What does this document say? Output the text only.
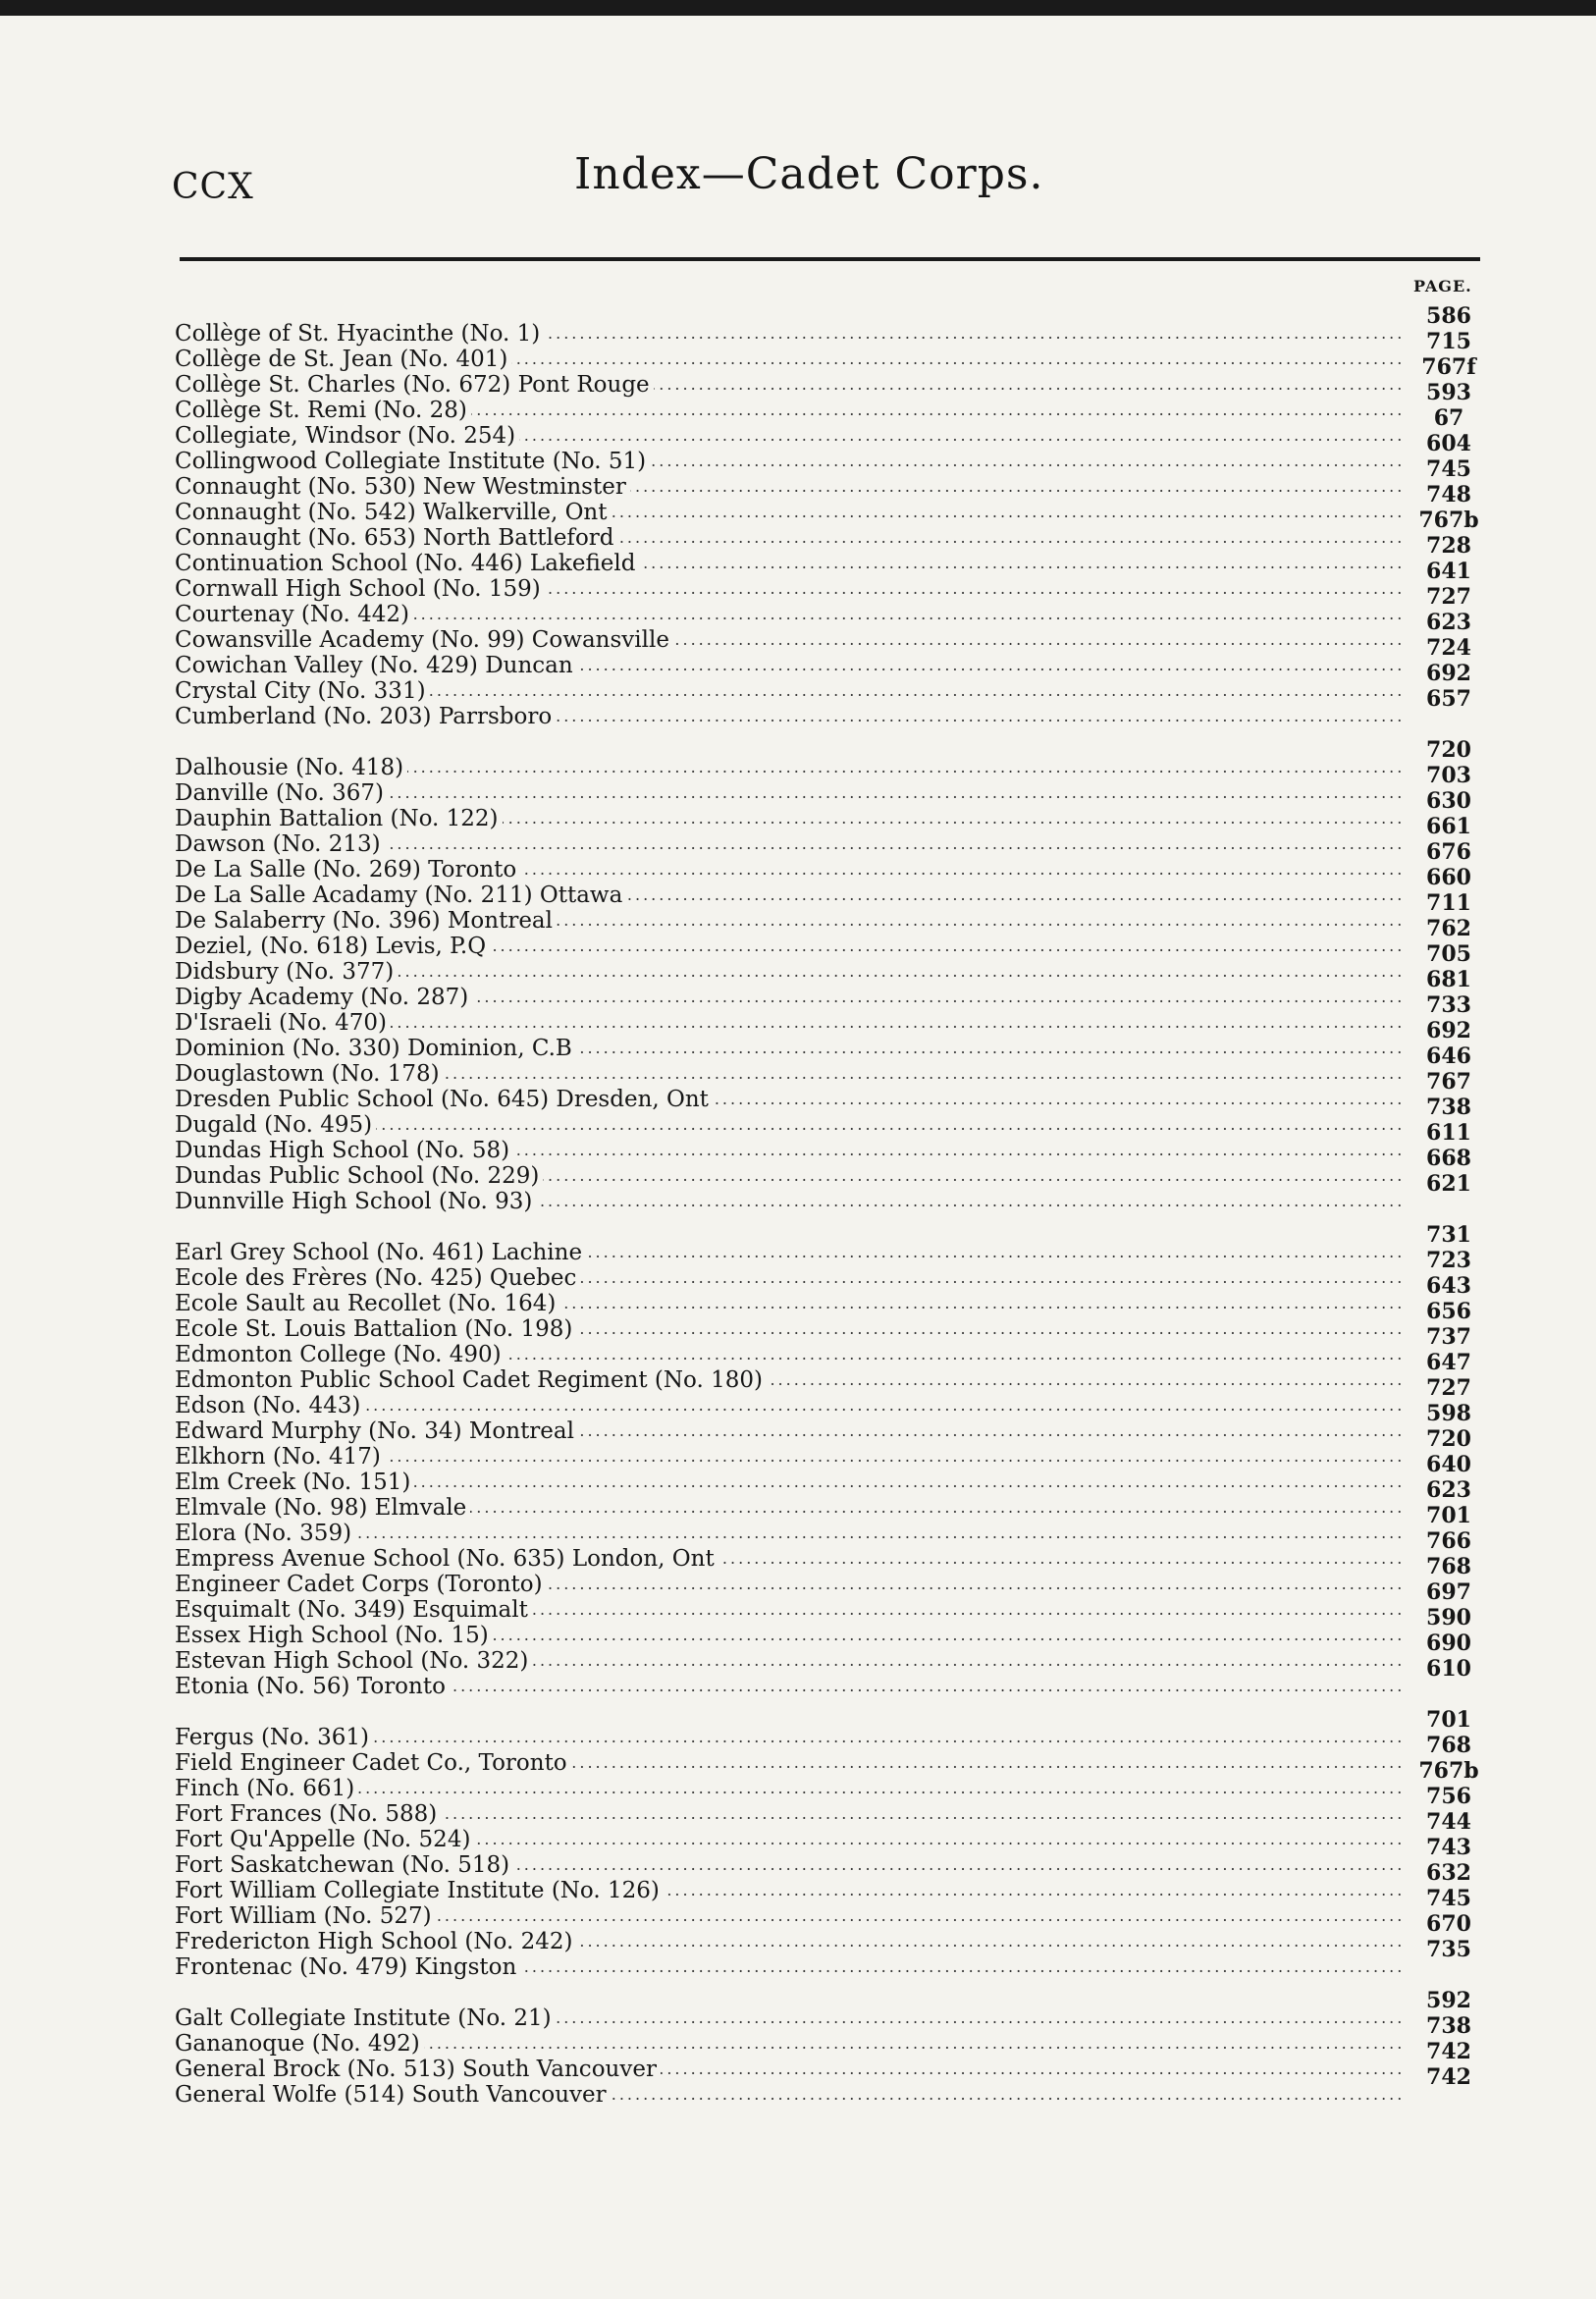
CCX	Index—Cadet Corps.
PAGE.
Collège of St. Hyacinthe (No. 1) .....
Collège de St. Jean (No. 401) .....
Collège St. Charles (No. 672) Pont Rouge .....
Collège St. Remi (No. 28) .....
Collegiate, Windsor (No. 254) .....
Collingwood Collegiate Institute (No. 51) .....
Connaught (No. 530) New Westminster .....
Connaught (No. 542) Walkerville, Ont .....
Connaught (No. 653) North Battleford .....
Continuation School (No. 446) Lakefield .....
Cornwall High School (No. 159) .....
Courtenay (No. 442) .....
Cowansville Academy (No. 99) Cowansville .....
Cowichan Valley (No. 429) Duncan .....
Crystal City (No. 331) .....
Cumberland (No. 203) Parrsboro .....
Dalhousie (No. 418) .....
Danville (No. 367) .....
Dauphin Battalion (No. 122) .....
Dawson (No. 213) .....
De La Salle (No. 269) Toronto .....
De La Salle Acadamy (No. 211) Ottawa .....
De Salaberry (No. 396) Montreal .....
Deziel, (No. 618) Levis, P.Q .....
Didsbury (No. 377) .....
Digby Academy (No. 287) .....
D'Israeli (No. 470) .....
Dominion (No. 330) Dominion, C.B .....
Douglastown (No. 178) .....
Dresden Public School (No. 645) Dresden, Ont .....
Dugald (No. 495) .....
Dundas High School (No. 58) .....
Dundas Public School (No. 229) .....
Dunnville High School (No. 93) .....
Earl Grey School (No. 461) Lachine .....
Ecole des Frères (No. 425) Quebec .....
Ecole Sault au Recollet (No. 164) .....
Ecole St. Louis Battalion (No. 198) .....
Edmonton College (No. 490) .....
Edmonton Public School Cadet Regiment (No. 180) .....
Edson (No. 443) .....
Edward Murphy (No. 34) Montreal .....
Elkhorn (No. 417) .....
Elm Creek (No. 151) .....
Elmvale (No. 98) Elmvale .....
Elora (No. 359) .....
Empress Avenue School (No. 635) London, Ont .....
Engineer Cadet Corps (Toronto) .....
Esquimalt (No. 349) Esquimalt .....
Essex High School (No. 15) .....
Estevan High School (No. 322) .....
Etonia (No. 56) Toronto .....
Fergus (No. 361) .....
Field Engineer Cadet Co., Toronto .....
Finch (No. 661) .....
Fort Frances (No. 588) .....
Fort Qu'Appelle (No. 524) .....
Fort Saskatchewan (No. 518) .....
Fort William Collegiate Institute (No. 126) .....
Fort William (No. 527) .....
Fredericton High School (No. 242) .....
Frontenac (No. 479) Kingston .....
Galt Collegiate Institute (No. 21) .....
Gananoque (No. 492) .....
General Brock (No. 513) South Vancouver .....
General Wolfe (514) South Vancouver .....
586
715
767f
593
67
604
745
748
767b
728
641
727
623
724
692
657
720
703
630
661
676
660
711
762
705
681
733
692
646
767
738
611
668
621
731
723
643
656
737
647
727
598
720
640
623
701
766
768
697
590
690
610
701
768
767b
756
744
743
632
745
670
735
592
738
742
742
